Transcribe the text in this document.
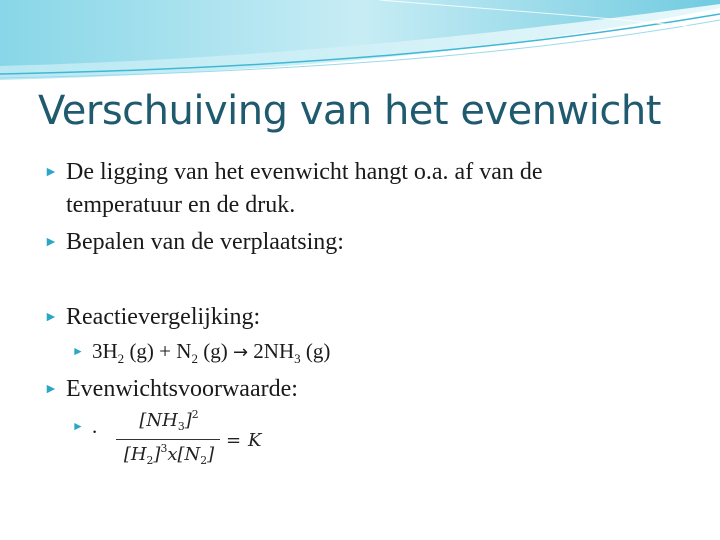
Verschuiving van het evenwicht
► De ligging van het evenwicht hangt o.a. af van de
temperatuur en de druk.
► Bepalen van de verplaatsing:
► Reactievergelijking:
► $3H_2$ $(g) + N_2$ $(g) \to 2NH_3$ (g)
► Evenwichtsvoorwaarde:
► .	$[NH_3]^2$
$[H_2]^3x[N_2]$
= K
